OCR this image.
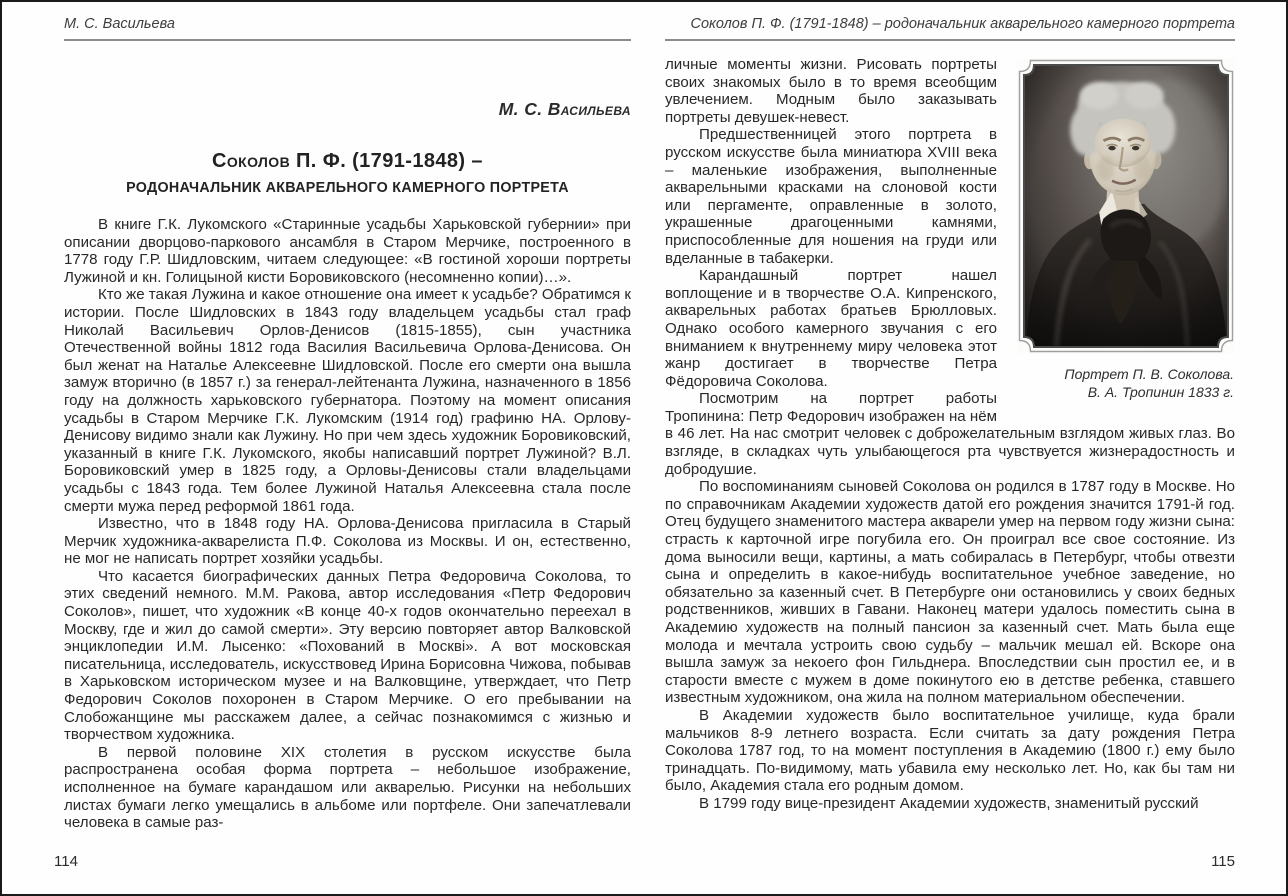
М. С. Васильева
М. С. Васильева
Соколов П. Ф. (1791-1848) –
РОДОНАЧАЛЬНИК АКВАРЕЛЬНОГО КАМЕРНОГО ПОРТРЕТА

В книге Г.К. Лукомского «Старинные усадьбы Харьковской губернии» при описании дворцово-паркового ансамбля в Старом Мерчике, построенного в 1778 году Г.Р. Шидловским, читаем следующее: «В гостиной хороши портреты Лужиной и кн. Голицыной кисти Боровиковского (несомненно копии)…».

Кто же такая Лужина и какое отношение она имеет к усадьбе? Обратимся к истории. После Шидловских в 1843 году владельцем усадьбы стал граф Николай Васильевич Орлов-Денисов (1815-1855), сын участника Отечественной войны 1812 года Василия Васильевича Орлова-Денисова. Он был женат на Наталье Алексеевне Шидловской. После его смерти она вышла замуж вторично (в 1857 г.) за генерал-лейтенанта Лужина, назначенного в 1856 году на должность харьковского губернатора. Поэтому на момент описания усадьбы в Старом Мерчике Г.К. Лукомским (1914 год) графиню НА. Орлову-Денисову видимо знали как Лужину. Но при чем здесь художник Боровиковский, указанный в книге Г.К. Лукомского, якобы написавший портрет Лужиной? В.Л. Боровиковский умер в 1825 году, а Орловы-Денисовы стали владельцами усадьбы с 1843 года. Тем более Лужиной Наталья Алексеевна стала после смерти мужа перед реформой 1861 года.

Известно, что в 1848 году НА. Орлова-Денисова пригласила в Старый Мерчик художника-акварелиста П.Ф. Соколова из Москвы. И он, естественно, не мог не написать портрет хозяйки усадьбы.

Что касается биографических данных Петра Федоровича Соколова, то этих сведений немного. М.М. Ракова, автор исследования «Петр Федорович Соколов», пишет, что художник «В конце 40-х годов окончательно переехал в Москву, где и жил до самой смерти». Эту версию повторяет автор Валковской энциклопедии И.М. Лысенко: «Похований в Москві». А вот московская писательница, исследователь, искусствовед Ирина Борисовна Чижова, побывав в Харьковском историческом музее и на Валковщине, утверждает, что Петр Федорович Соколов похоронен в Старом Мерчике. О его пребывании на Слобожанщине мы расскажем далее, а сейчас познакомимся с жизнью и творчеством художника.

В первой половине XIX столетия в русском искусстве была распространена особая форма портрета – небольшое изображение, исполненное на бумаге карандашом или акварелью. Рисунки на небольших листах бумаги легко умещались в альбоме или портфеле. Они запечатлевали человека в самые раз-

114
Соколов П. Ф. (1791-1848) – родоначальник акварельного камерного портрета
Портрет П. В. Соколова.
В. А. Тропинин 1833 г.

личные моменты жизни. Рисовать портреты своих знакомых было в то время всеобщим увлечением. Модным было заказывать портреты девушек-невест.

Предшественницей этого портрета в русском искусстве была миниатюра XVIII века – маленькие изображения, выполненные акварельными красками на слоновой кости или пергаменте, оправленные в золото, украшенные драгоценными камнями, приспособленные для ношения на груди или вделанные в табакерки.

Карандашный портрет нашел воплощение и в творчестве О.А. Кипренского, акварельных работах братьев Брюлловых. Однако особого камерного звучания с его вниманием к внутреннему миру человека этот жанр достигает в творчестве Петра Фёдоровича Соколова.

Посмотрим на портрет работы Тропинина: Петр Федорович изображен на нём в 46 лет. На нас смотрит человек с доброжелательным взглядом живых глаз. Во взгляде, в складках чуть улыбающегося рта чувствуется жизнерадостность и добродушие.

По воспоминаниям сыновей Соколова он родился в 1787 году в Москве. Но по справочникам Академии художеств датой его рождения значится 1791-й год. Отец будущего знаменитого мастера акварели умер на первом году жизни сына: страсть к карточной игре погубила его. Он проиграл все свое состояние. Из дома выносили вещи, картины, а мать собиралась в Петербург, чтобы отвезти сына и определить в какое-нибудь воспитательное учебное заведение, но обязательно за казенный счет. В Петербурге они остановились у своих бедных родственников, живших в Гавани. Наконец матери удалось поместить сына в Академию художеств на полный пансион за казенный счет. Мать была еще молода и мечтала устроить свою судьбу – мальчик мешал ей. Вскоре она вышла замуж за некоего фон Гильднера. Впоследствии сын простил ее, и в старости вместе с мужем в доме покинутого ею в детстве ребенка, ставшего известным художником, она жила на полном материальном обеспечении.

В Академии художеств было воспитательное училище, куда брали мальчиков 8-9 летнего возраста. Если считать за дату рождения Петра Соколова 1787 год, то на момент поступления в Академию (1800 г.) ему было тринадцать. По-видимому, мать убавила ему несколько лет. Но, как бы там ни было, Академия стала его родным домом.

В 1799 году вице-президент Академии художеств, знаменитый русский

115
